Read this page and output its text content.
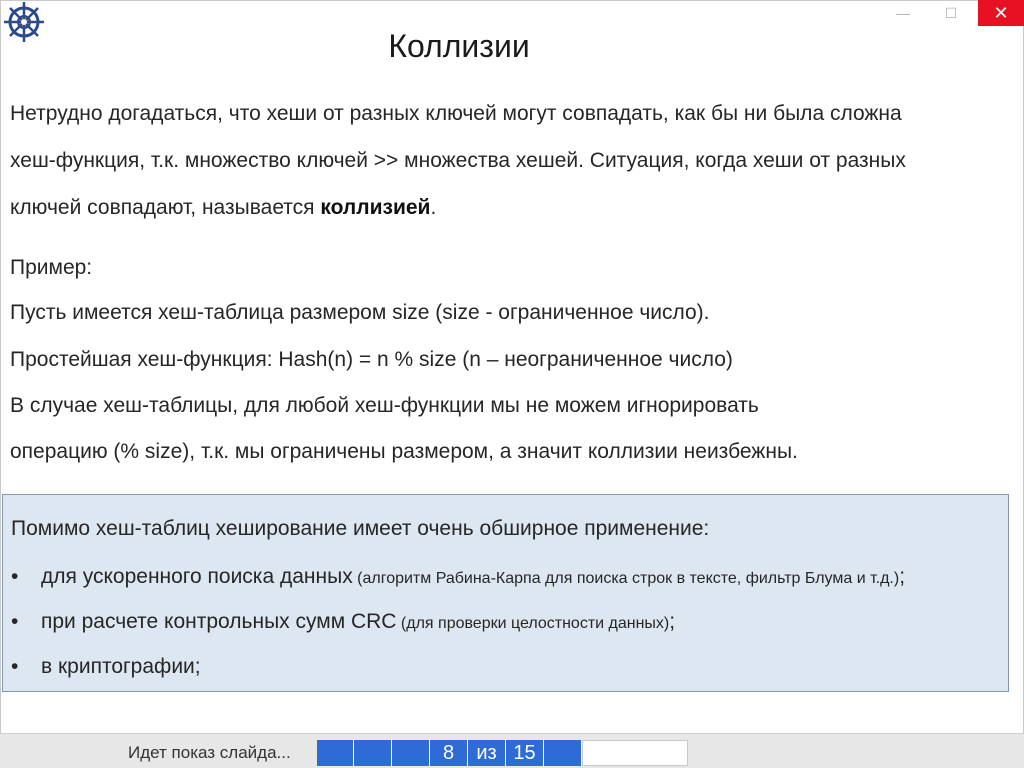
—	☐	✕
Коллизии
Нетрудно догадаться, что хеши от разных ключей могут совпадать, как бы ни была сложна
хеш-функция, т.к. множество ключей >> множества хешей. Ситуация, когда хеши от разных
ключей совпадают, называется коллизией.
Пример:
Пусть имеется хеш-таблица размером size (size - ограниченное число).
Простейшая хеш-функция: Hash(n) = n % size (n – неограниченное число)
В случае хеш-таблицы, для любой хеш-функции мы не можем игнорировать
операцию (% size), т.к. мы ограничены размером, а значит коллизии неизбежны.
Помимо хеш-таблиц хеширование имеет очень обширное применение:
• для ускоренного поиска данных (алгоритм Рабина-Карпа для поиска строк в тексте, фильтр Блума и т.д.);
• при расчете контрольных сумм CRC (для проверки целостности данных);
• в криптографии;
Идет показ слайда...	8	из 15
